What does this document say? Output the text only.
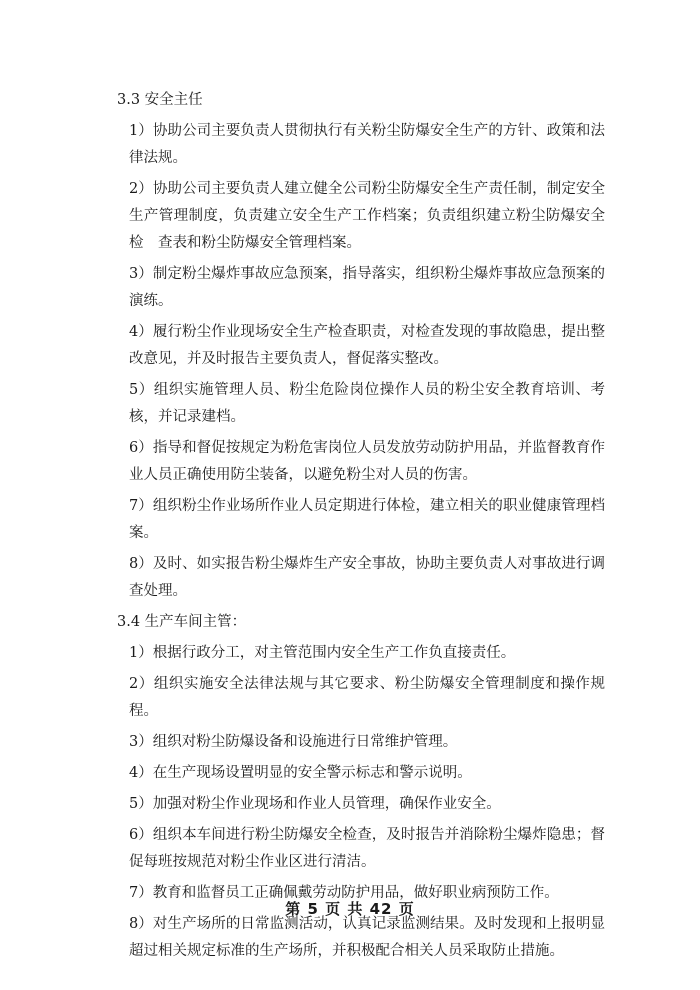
3.3 安全主任
1）协助公司主要负责人贯彻执行有关粉尘防爆安全生产的方针、政策和法律法规。
2）协助公司主要负责人建立健全公司粉尘防爆安全生产责任制，制定安全生产管理制度，负责建立安全生产工作档案；负责组织建立粉尘防爆安全检　查表和粉尘防爆安全管理档案。
3）制定粉尘爆炸事故应急预案，指导落实，组织粉尘爆炸事故应急预案的演练。
4）履行粉尘作业现场安全生产检查职责，对检查发现的事故隐患，提出整改意见，并及时报告主要负责人，督促落实整改。
5）组织实施管理人员、粉尘危险岗位操作人员的粉尘安全教育培训、考核，并记录建档。
6）指导和督促按规定为粉危害岗位人员发放劳动防护用品，并监督教育作业人员正确使用防尘装备，以避免粉尘对人员的伤害。
7）组织粉尘作业场所作业人员定期进行体检，建立相关的职业健康管理档案。
8）及时、如实报告粉尘爆炸生产安全事故，协助主要负责人对事故进行调查处理。
3.4 生产车间主管：
1）根据行政分工，对主管范围内安全生产工作负直接责任。
2）组织实施安全法律法规与其它要求、粉尘防爆安全管理制度和操作规程。
3）组织对粉尘防爆设备和设施进行日常维护管理。
4）在生产现场设置明显的安全警示标志和警示说明。
5）加强对粉尘作业现场和作业人员管理，确保作业安全。
6）组织本车间进行粉尘防爆安全检查，及时报告并消除粉尘爆炸隐患；督促每班按规范对粉尘作业区进行清洁。
7）教育和监督员工正确佩戴劳动防护用品，做好职业病预防工作。
8）对生产场所的日常监测活动，认真记录监测结果。及时发现和上报明显超过相关规定标准的生产场所，并积极配合相关人员采取防止措施。
第 5 页 共 42 页
